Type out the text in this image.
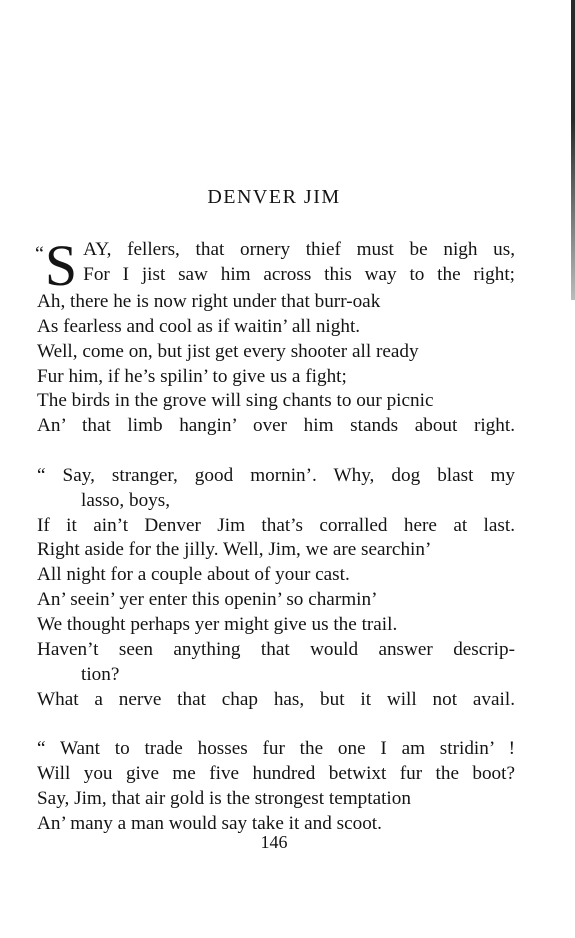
DENVER JIM
“ S AY, fellers, that ornery thief must be nigh us,
For I jist saw him across this way to the right;
Ah, there he is now right under that burr-oak
As fearless and cool as if waitin’ all night.
Well, come on, but jist get every shooter all ready
Fur him, if he’s spilin’ to give us a fight;
The birds in the grove will sing chants to our picnic
An’ that limb hangin’ over him stands about right.
“ Say, stranger, good mornin’. Why, dog blast my
lasso, boys,
If it ain’t Denver Jim that’s corralled here at last.
Right aside for the jilly. Well, Jim, we are searchin’
All night for a couple about of your cast.
An’ seein’ yer enter this openin’ so charmin’
We thought perhaps yer might give us the trail.
Haven’t seen anything that would answer descrip-
tion?
What a nerve that chap has, but it will not avail.
“ Want to trade hosses fur the one I am stridin’ !
Will you give me five hundred betwixt fur the boot?
Say, Jim, that air gold is the strongest temptation
An’ many a man would say take it and scoot.
146
